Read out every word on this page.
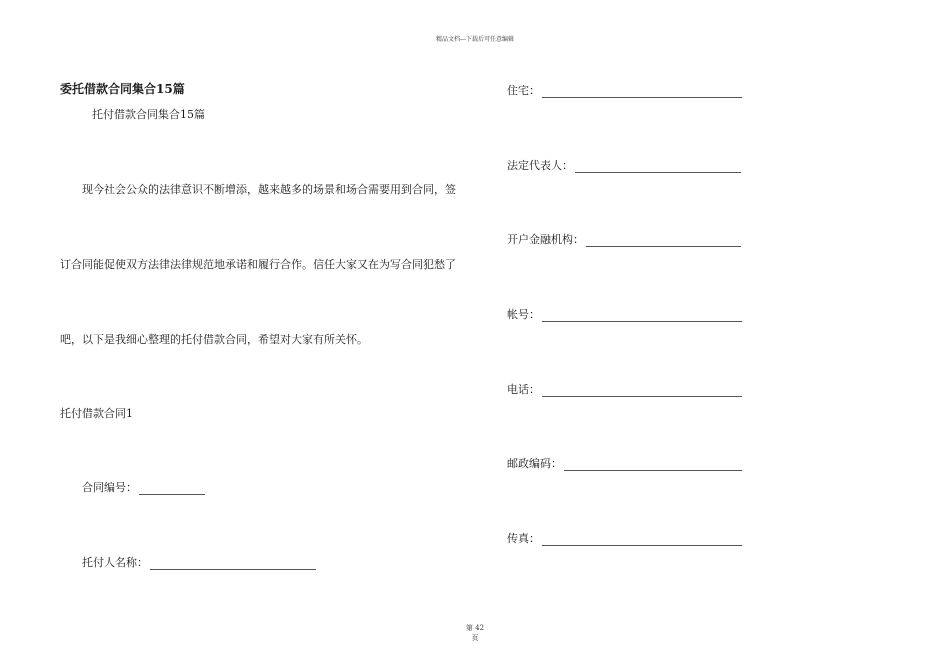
精品文档---下载后可任意编辑
委托借款合同集合15篇
托付借款合同集合15篇
现今社会公众的法律意识不断增添，越来越多的场景和场合需要用到合同，签
订合同能促使双方法律法律规范地承诺和履行合作。信任大家又在为写合同犯愁了
吧，以下是我细心整理的托付借款合同，希望对大家有所关怀。
托付借款合同1
合同编号：
托付人名称：
住宅：
法定代表人：
开户金融机构：
帐号：
电话：
邮政编码：
传真：
第 42
页
